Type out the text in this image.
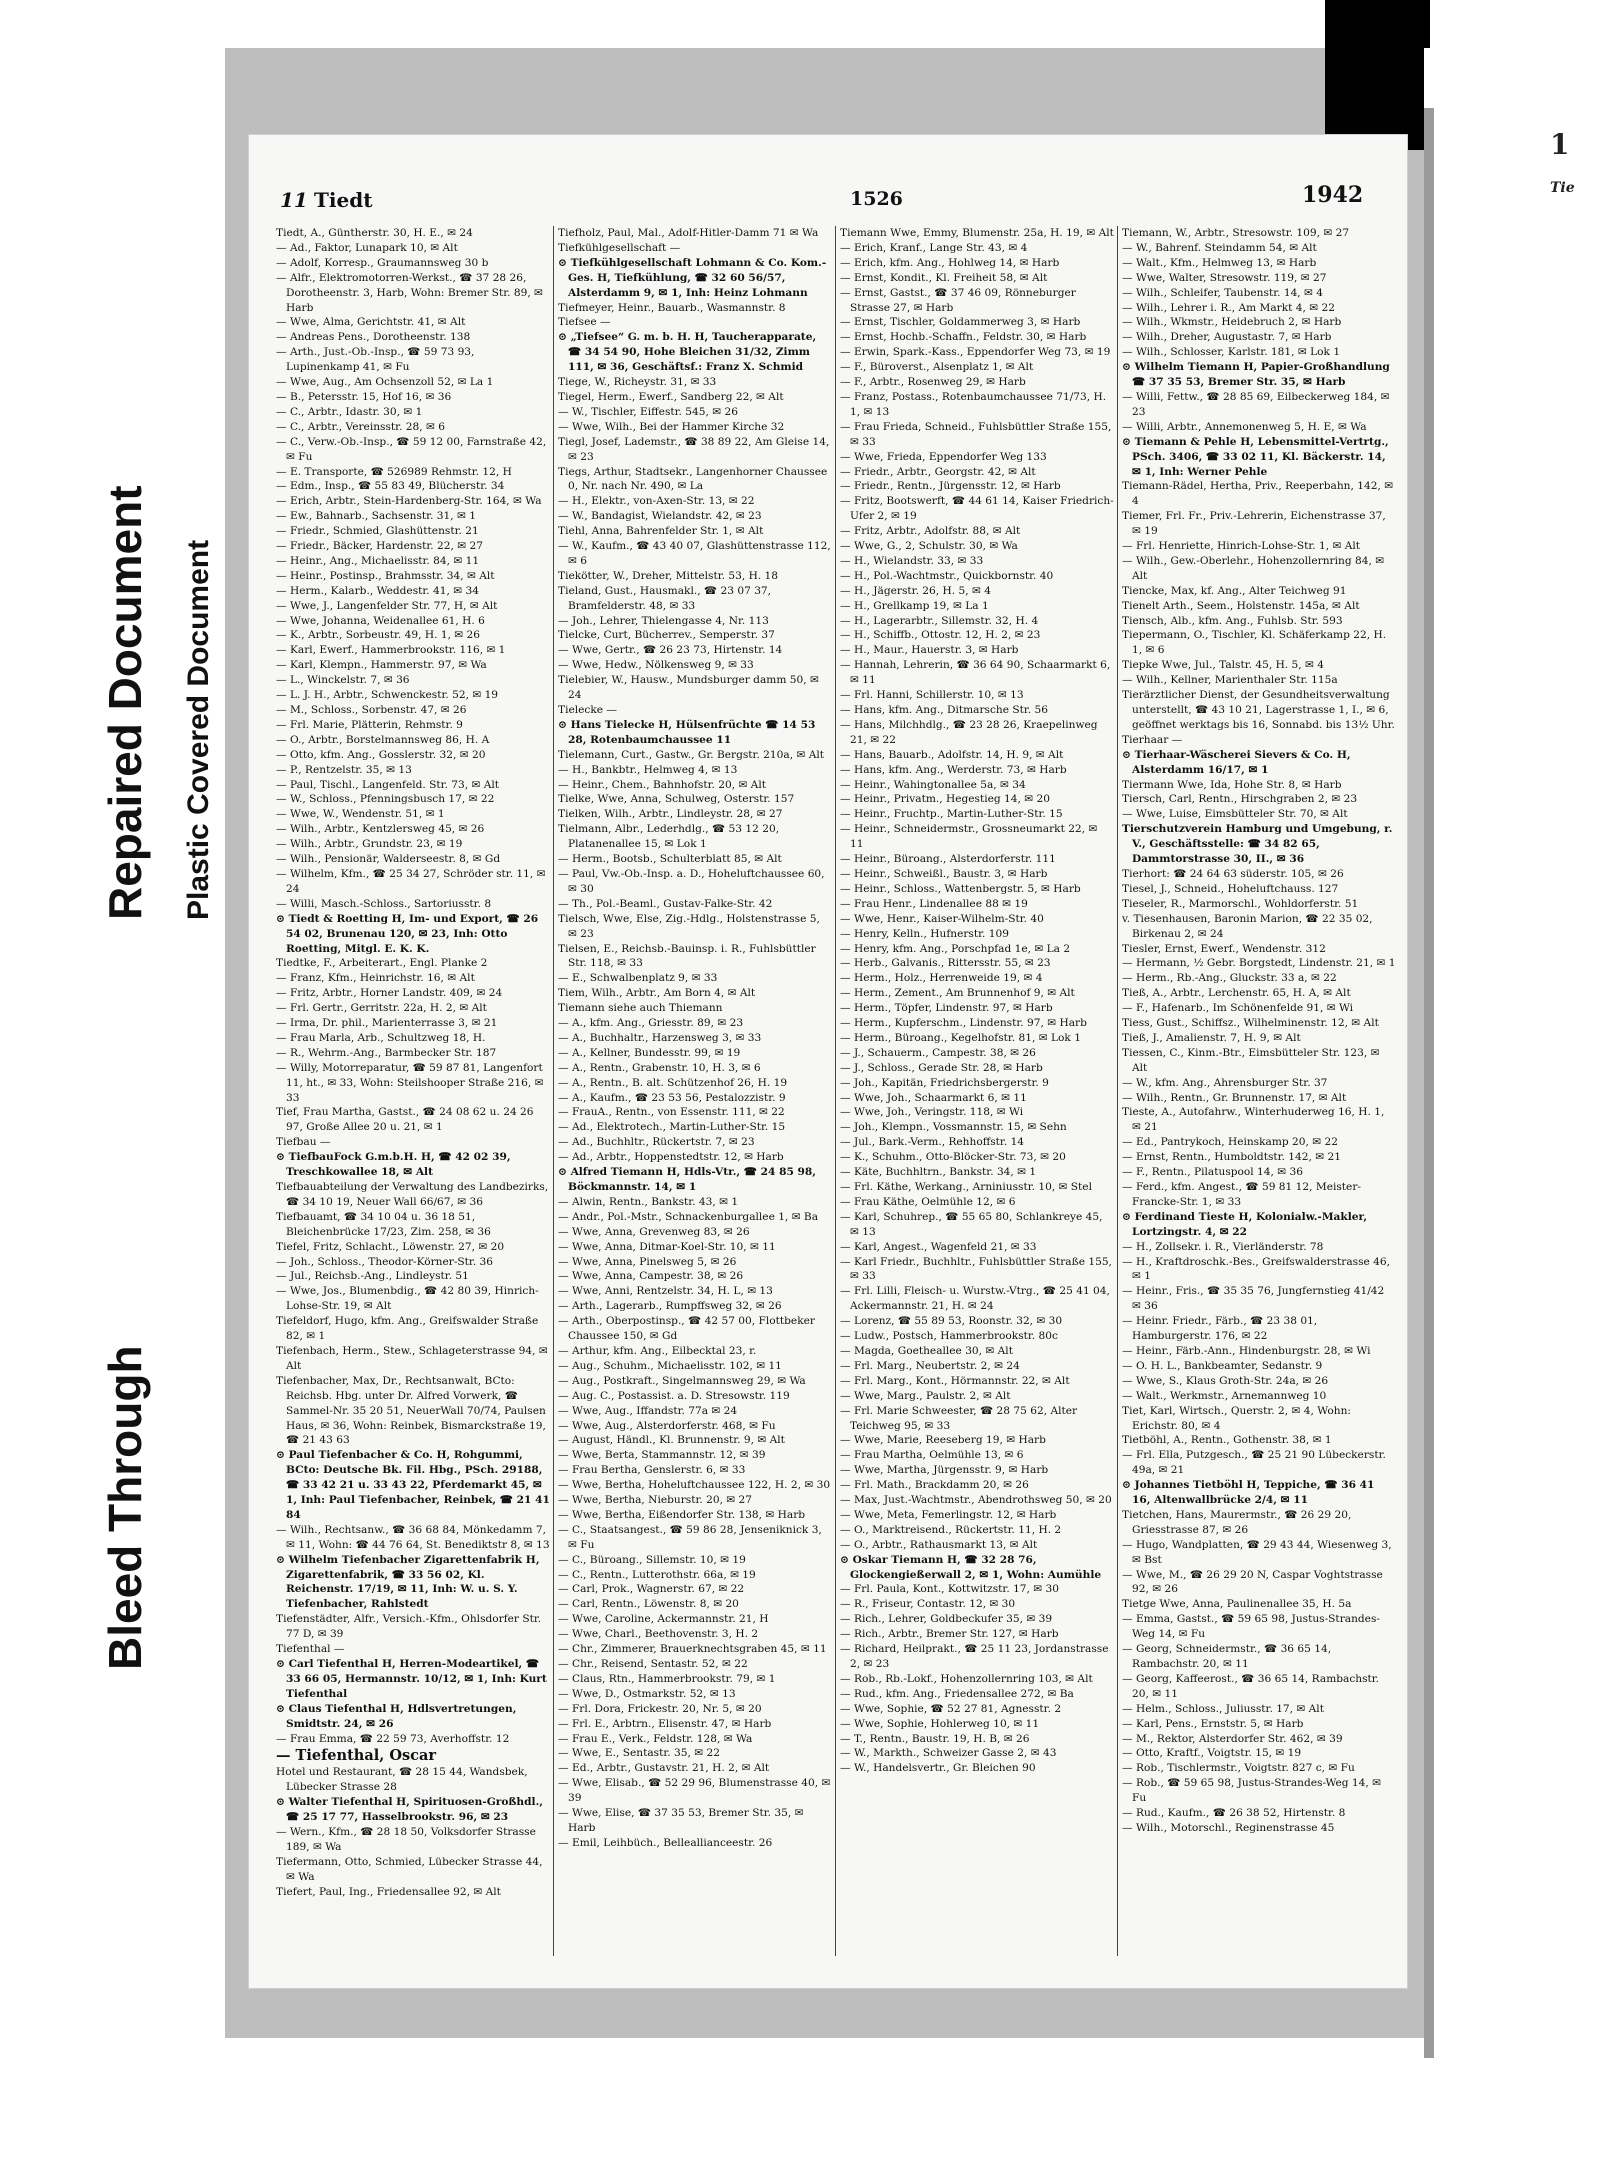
Bleed Through
Repaired Document Plastic Covered Document
1
Tie
11 Tiedt	1526	1942
Tiedt, A., Güntherstr. 30, H. E., ✉ 24
— Ad., Faktor, Lunapark 10, ✉ Alt
— Adolf, Korresp., Graumannsweg 30 b
— Alfr., Elektromotorren-Werkst., ☎ 37 28 26, Dorotheenstr. 3, Harb, Wohn: Bremer Str. 89, ✉ Harb
— Wwe, Alma, Gerichtstr. 41, ✉ Alt
— Andreas Pens., Dorotheenstr. 138
— Arth., Just.-Ob.-Insp., ☎ 59 73 93, Lupinenkamp 41, ✉ Fu
— Wwe, Aug., Am Ochsenzoll 52, ✉ La 1
— B., Petersstr. 15, Hof 16, ✉ 36
— C., Arbtr., Idastr. 30, ✉ 1
— C., Arbtr., Vereinsstr. 28, ✉ 6
— C., Verw.-Ob.-Insp., ☎ 59 12 00, Farnstraße 42, ✉ Fu
— E. Transporte, ☎ 526989 Rehmstr. 12, H
— Edm., Insp., ☎ 55 83 49, Blücherstr. 34
— Erich, Arbtr., Stein-Hardenberg-Str. 164, ✉ Wa
— Ew., Bahnarb., Sachsenstr. 31, ✉ 1
— Friedr., Schmied, Glashüttenstr. 21
— Friedr., Bäcker, Hardenstr. 22, ✉ 27
— Heinr., Ang., Michaelisstr. 84, ✉ 11
— Heinr., Postinsp., Brahmsstr. 34, ✉ Alt
— Herm., Kalarb., Weddestr. 41, ✉ 34
— Wwe, J., Langenfelder Str. 77, H, ✉ Alt
— Wwe, Johanna, Weidenallee 61, H. 6
— K., Arbtr., Sorbeustr. 49, H. 1, ✉ 26
— Karl, Ewerf., Hammerbrookstr. 116, ✉ 1
— Karl, Klempn., Hammerstr. 97, ✉ Wa
— L., Winckelstr. 7, ✉ 36
— L. J. H., Arbtr., Schwenckestr. 52, ✉ 19
— M., Schloss., Sorbenstr. 47, ✉ 26
— Frl. Marie, Plätterin, Rehmstr. 9
— O., Arbtr., Borstelmannsweg 86, H. A
— Otto, kfm. Ang., Gosslerstr. 32, ✉ 20
— P., Rentzelstr. 35, ✉ 13
— Paul, Tischl., Langenfeld. Str. 73, ✉ Alt
— W., Schloss., Pfenningsbusch 17, ✉ 22
— Wwe, W., Wendenstr. 51, ✉ 1
— Wilh., Arbtr., Kentzlersweg 45, ✉ 26
— Wilh., Arbtr., Grundstr. 23, ✉ 19
— Wilh., Pensionär, Walderseestr. 8, ✉ Gd
— Wilhelm, Kfm., ☎ 25 34 27, Schröder str. 11, ✉ 24
— Willi, Masch.-Schloss., Sartoriusstr. 8
⊙ Tiedt & Roetting H, Im- und Export, ☎ 26 54 02, Brunenau 120, ✉ 23, Inh: Otto Roetting, Mitgl. E. K. K.
Tiedtke, F., Arbeiterart., Engl. Planke 2
— Franz, Kfm., Heinrichstr. 16, ✉ Alt
— Fritz, Arbtr., Horner Landstr. 409, ✉ 24
— Frl. Gertr., Gerritstr. 22a, H. 2, ✉ Alt
— Irma, Dr. phil., Marienterrasse 3, ✉ 21
— Frau Marla, Arb., Schultzweg 18, H.
— R., Wehrm.-Ang., Barmbecker Str. 187
— Willy, Motorreparatur, ☎ 59 87 81, Langenfort 11, ht., ✉ 33, Wohn: Steilshooper Straße 216, ✉ 33
Tief, Frau Martha, Gastst., ☎ 24 08 62 u. 24 26 97, Große Allee 20 u. 21, ✉ 1
Tiefbau —
⊙ TiefbauFock G.m.b.H. H, ☎ 42 02 39, Treschkowallee 18, ✉ Alt
Tiefbauabteilung der Verwaltung des Landbezirks, ☎ 34 10 19, Neuer Wall 66/67, ✉ 36
Tiefbauamt, ☎ 34 10 04 u. 36 18 51, Bleichenbrücke 17/23, Zim. 258, ✉ 36
Tiefel, Fritz, Schlacht., Löwenstr. 27, ✉ 20
— Joh., Schloss., Theodor-Körner-Str. 36
— Jul., Reichsb.-Ang., Lindleystr. 51
— Wwe, Jos., Blumenbdig., ☎ 42 80 39, Hinrich-Lohse-Str. 19, ✉ Alt
Tiefeldorf, Hugo, kfm. Ang., Greifswalder Straße 82, ✉ 1
Tiefenbach, Herm., Stew., Schlageterstrasse 94, ✉ Alt
Tiefenbacher, Max, Dr., Rechtsanwalt, BCto: Reichsb. Hbg. unter Dr. Alfred Vorwerk, ☎ Sammel-Nr. 35 20 51, NeuerWall 70/74, Paulsen Haus, ✉ 36, Wohn: Reinbek, Bismarckstraße 19, ☎ 21 43 63
⊙ Paul Tiefenbacher & Co. H, Rohgummi, BCto: Deutsche Bk. Fil. Hbg., PSch. 29188, ☎ 33 42 21 u. 33 43 22, Pferdemarkt 45, ✉ 1, Inh: Paul Tiefenbacher, Reinbek, ☎ 21 41 84
— Wilh., Rechtsanw., ☎ 36 68 84, Mönkedamm 7, ✉ 11, Wohn: ☎ 44 76 64, St. Benediktstr 8, ✉ 13
⊙ Wilhelm Tiefenbacher Zigarettenfabrik H, Zigarettenfabrik, ☎ 33 56 02, Kl. Reichenstr. 17/19, ✉ 11, Inh: W. u. S. Y. Tiefenbacher, Rahlstedt
Tiefenstädter, Alfr., Versich.-Kfm., Ohlsdorfer Str. 77 D, ✉ 39
Tiefenthal —
⊙ Carl Tiefenthal H, Herren-Modeartikel, ☎ 33 66 05, Hermannstr. 10/12, ✉ 1, Inh: Kurt Tiefenthal
⊙ Claus Tiefenthal H, Hdlsvertretungen, Smidtstr. 24, ✉ 26
— Frau Emma, ☎ 22 59 73, Averhoffstr. 12
— Tiefenthal, Oscar
Hotel und Restaurant, ☎ 28 15 44, Wandsbek, Lübecker Strasse 28
⊙ Walter Tiefenthal H, Spirituosen-Großhdl., ☎ 25 17 77, Hasselbrookstr. 96, ✉ 23
— Wern., Kfm., ☎ 28 18 50, Volksdorfer Strasse 189, ✉ Wa
Tiefermann, Otto, Schmied, Lübecker Strasse 44, ✉ Wa
Tiefert, Paul, Ing., Friedensallee 92, ✉ Alt
Tiefholz, Paul, Mal., Adolf-Hitler-Damm 71 ✉ Wa
Tiefkühlgesellschaft —
⊙ Tiefkühlgesellschaft Lohmann & Co. Kom.-Ges. H, Tiefkühlung, ☎ 32 60 56/57, Alsterdamm 9, ✉ 1, Inh: Heinz Lohmann
Tiefmeyer, Heinr., Bauarb., Wasmannstr. 8
Tiefsee —
⊙ „Tiefsee“ G. m. b. H. H, Taucherapparate, ☎ 34 54 90, Hohe Bleichen 31/32, Zimm 111, ✉ 36, Geschäftsf.: Franz X. Schmid
Tiege, W., Richeystr. 31, ✉ 33
Tiegel, Herm., Ewerf., Sandberg 22, ✉ Alt
— W., Tischler, Eiffestr. 545, ✉ 26
— Wwe, Wilh., Bei der Hammer Kirche 32
Tiegl, Josef, Lademstr., ☎ 38 89 22, Am Gleise 14, ✉ 23
Tiegs, Arthur, Stadtsekr., Langenhorner Chaussee 0, Nr. nach Nr. 490, ✉ La
— H., Elektr., von-Axen-Str. 13, ✉ 22
— W., Bandagist, Wielandstr. 42, ✉ 23
Tiehl, Anna, Bahrenfelder Str. 1, ✉ Alt
— W., Kaufm., ☎ 43 40 07, Glashüttenstrasse 112, ✉ 6
Tiekötter, W., Dreher, Mittelstr. 53, H. 18
Tieland, Gust., Hausmakl., ☎ 23 07 37, Bramfelderstr. 48, ✉ 33
— Joh., Lehrer, Thielengasse 4, Nr. 113
Tielcke, Curt, Bücherrev., Semperstr. 37
— Wwe, Gertr., ☎ 26 23 73, Hirtenstr. 14
— Wwe, Hedw., Nölkensweg 9, ✉ 33
Tielebier, W., Hausw., Mundsburger damm 50, ✉ 24
Tielecke —
⊙ Hans Tielecke H, Hülsenfrüchte ☎ 14 53 28, Rotenbaumchaussee 11
Tielemann, Curt., Gastw., Gr. Bergstr. 210a, ✉ Alt
— H., Bankbtr., Helmweg 4, ✉ 13
— Heinr., Chem., Bahnhofstr. 20, ✉ Alt
Tielke, Wwe, Anna, Schulweg, Osterstr. 157
Tielken, Wilh., Arbtr., Lindleystr. 28, ✉ 27
Tielmann, Albr., Lederhdlg., ☎ 53 12 20, Platanenallee 15, ✉ Lok 1
— Herm., Bootsb., Schulterblatt 85, ✉ Alt
— Paul, Vw.-Ob.-Insp. a. D., Hoheluftchaussee 60, ✉ 30
— Th., Pol.-Beaml., Gustav-Falke-Str. 42
Tielsch, Wwe, Else, Zig.-Hdlg., Holstenstrasse 5, ✉ 23
Tielsen, E., Reichsb.-Bauinsp. i. R., Fuhlsbüttler Str. 118, ✉ 33
— E., Schwalbenplatz 9, ✉ 33
Tiem, Wilh., Arbtr., Am Born 4, ✉ Alt
Tiemann siehe auch Thiemann
— A., kfm. Ang., Griesstr. 89, ✉ 23
— A., Buchhaltr., Harzensweg 3, ✉ 33
— A., Kellner, Bundesstr. 99, ✉ 19
— A., Rentn., Grabenstr. 10, H. 3, ✉ 6
— A., Rentn., B. alt. Schützenhof 26, H. 19
— A., Kaufm., ☎ 23 53 56, Pestalozzistr. 9
— FrauA., Rentn., von Essenstr. 111, ✉ 22
— Ad., Elektrotech., Martin-Luther-Str. 15
— Ad., Buchhltr., Rückertstr. 7, ✉ 23
— Ad., Arbtr., Hoppenstedtstr. 12, ✉ Harb
⊙ Alfred Tiemann H, Hdls-Vtr., ☎ 24 85 98, Böckmannstr. 14, ✉ 1
— Alwin, Rentn., Bankstr. 43, ✉ 1
— Andr., Pol.-Mstr., Schnackenburgallee 1, ✉ Ba
— Wwe, Anna, Grevenweg 83, ✉ 26
— Wwe, Anna, Ditmar-Koel-Str. 10, ✉ 11
— Wwe, Anna, Pinelsweg 5, ✉ 26
— Wwe, Anna, Campestr. 38, ✉ 26
— Wwe, Anni, Rentzelstr. 34, H. L, ✉ 13
— Arth., Lagerarb., Rumpffsweg 32, ✉ 26
— Arth., Oberpostinsp., ☎ 42 57 00, Flottbeker Chaussee 150, ✉ Gd
— Arthur, kfm. Ang., Eilbecktal 23, r.
— Aug., Schuhm., Michaelisstr. 102, ✉ 11
— Aug., Postkraft., Singelmannsweg 29, ✉ Wa
— Aug. C., Postassist. a. D. Stresowstr. 119
— Wwe, Aug., Iffandstr. 77a ✉ 24
— Wwe, Aug., Alsterdorferstr. 468, ✉ Fu
— August, Händl., Kl. Brunnenstr. 9, ✉ Alt
— Wwe, Berta, Stammannstr. 12, ✉ 39
— Frau Bertha, Genslerstr. 6, ✉ 33
— Wwe, Bertha, Hoheluftchaussee 122, H. 2, ✉ 30
— Wwe, Bertha, Nieburstr. 20, ✉ 27
— Wwe, Bertha, Eißendorfer Str. 138, ✉ Harb
— C., Staatsangest., ☎ 59 86 28, Jenseniknick 3, ✉ Fu
— C., Büroang., Sillemstr. 10, ✉ 19
— C., Rentn., Lutterothstr. 66a, ✉ 19
— Carl, Prok., Wagnerstr. 67, ✉ 22
— Carl, Rentn., Löwenstr. 8, ✉ 20
— Wwe, Caroline, Ackermannstr. 21, H
— Wwe, Charl., Beethovenstr. 3, H. 2
— Chr., Zimmerer, Brauerknechtsgraben 45, ✉ 11
— Chr., Reisend, Sentastr. 52, ✉ 22
— Claus, Rtn., Hammerbrookstr. 79, ✉ 1
— Wwe, D., Ostmarkstr. 52, ✉ 13
— Frl. Dora, Frickestr. 20, Nr. 5, ✉ 20
— Frl. E., Arbtrn., Elisenstr. 47, ✉ Harb
— Frau E., Verk., Feldstr. 128, ✉ Wa
— Wwe, E., Sentastr. 35, ✉ 22
— Ed., Arbtr., Gustavstr. 21, H. 2, ✉ Alt
— Wwe, Elisab., ☎ 52 29 96, Blumenstrasse 40, ✉ 39
— Wwe, Elise, ☎ 37 35 53, Bremer Str. 35, ✉ Harb
— Emil, Leihbüch., Belleallianceestr. 26
Tiemann Wwe, Emmy, Blumenstr. 25a, H. 19, ✉ Alt
— Erich, Kranf., Lange Str. 43, ✉ 4
— Erich, kfm. Ang., Hohlweg 14, ✉ Harb
— Ernst, Kondit., Kl. Freiheit 58, ✉ Alt
— Ernst, Gastst., ☎ 37 46 09, Rönneburger Strasse 27, ✉ Harb
— Ernst, Tischler, Goldammerweg 3, ✉ Harb
— Ernst, Hochb.-Schaffn., Feldstr. 30, ✉ Harb
— Erwin, Spark.-Kass., Eppendorfer Weg 73, ✉ 19
— F., Büroverst., Alsenplatz 1, ✉ Alt
— F., Arbtr., Rosenweg 29, ✉ Harb
— Franz, Postass., Rotenbaumchaussee 71/73, H. 1, ✉ 13
— Frau Frieda, Schneid., Fuhlsbüttler Straße 155, ✉ 33
— Wwe, Frieda, Eppendorfer Weg 133
— Friedr., Arbtr., Georgstr. 42, ✉ Alt
— Friedr., Rentn., Jürgensstr. 12, ✉ Harb
— Fritz, Bootswerft, ☎ 44 61 14, Kaiser Friedrich-Ufer 2, ✉ 19
— Fritz, Arbtr., Adolfstr. 88, ✉ Alt
— Wwe, G., 2, Schulstr. 30, ✉ Wa
— H., Wielandstr. 33, ✉ 33
— H., Pol.-Wachtmstr., Quickbornstr. 40
— H., Jägerstr. 26, H. 5, ✉ 4
— H., Grellkamp 19, ✉ La 1
— H., Lagerarbtr., Sillemstr. 32, H. 4
— H., Schiffb., Ottostr. 12, H. 2, ✉ 23
— H., Maur., Hauerstr. 3, ✉ Harb
— Hannah, Lehrerin, ☎ 36 64 90, Schaarmarkt 6, ✉ 11
— Frl. Hanni, Schillerstr. 10, ✉ 13
— Hans, kfm. Ang., Ditmarsche Str. 56
— Hans, Milchhdlg., ☎ 23 28 26, Kraepelinweg 21, ✉ 22
— Hans, Bauarb., Adolfstr. 14, H. 9, ✉ Alt
— Hans, kfm. Ang., Werderstr. 73, ✉ Harb
— Heinr., Wahingtonallee 5a, ✉ 34
— Heinr., Privatm., Hegestieg 14, ✉ 20
— Heinr., Fruchtp., Martin-Luther-Str. 15
— Heinr., Schneidermstr., Grossneumarkt 22, ✉ 11
— Heinr., Büroang., Alsterdorferstr. 111
— Heinr., Schweißl., Baustr. 3, ✉ Harb
— Heinr., Schloss., Wattenbergstr. 5, ✉ Harb
— Frau Henr., Lindenallee 88 ✉ 19
— Wwe, Henr., Kaiser-Wilhelm-Str. 40
— Henry, Kelln., Hufnerstr. 109
— Henry, kfm. Ang., Porschpfad 1e, ✉ La 2
— Herb., Galvanis., Rittersstr. 55, ✉ 23
— Herm., Holz., Herrenweide 19, ✉ 4
— Herm., Zement., Am Brunnenhof 9, ✉ Alt
— Herm., Töpfer, Lindenstr. 97, ✉ Harb
— Herm., Kupferschm., Lindenstr. 97, ✉ Harb
— Herm., Büroang., Kegelhofstr. 81, ✉ Lok 1
— J., Schauerm., Campestr. 38, ✉ 26
— J., Schloss., Gerade Str. 28, ✉ Harb
— Joh., Kapitän, Friedrichsbergerstr. 9
— Wwe, Joh., Schaarmarkt 6, ✉ 11
— Wwe, Joh., Veringstr. 118, ✉ Wi
— Joh., Klempn., Vossmannstr. 15, ✉ Sehn
— Jul., Bark.-Verm., Rehhoffstr. 14
— K., Schuhm., Otto-Blöcker-Str. 73, ✉ 20
— Käte, Buchhltrn., Bankstr. 34, ✉ 1
— Frl. Käthe, Werkang., Arniniusstr. 10, ✉ Stel
— Frau Käthe, Oelmühle 12, ✉ 6
— Karl, Schuhrep., ☎ 55 65 80, Schlankreye 45, ✉ 13
— Karl, Angest., Wagenfeld 21, ✉ 33
— Karl Friedr., Buchhltr., Fuhlsbüttler Straße 155, ✉ 33
— Frl. Lilli, Fleisch- u. Wurstw.-Vtrg., ☎ 25 41 04, Ackermannstr. 21, H. ✉ 24
— Lorenz, ☎ 55 89 53, Roonstr. 32, ✉ 30
— Ludw., Postsch, Hammerbrookstr. 80c
— Magda, Goetheallee 30, ✉ Alt
— Frl. Marg., Neubertstr. 2, ✉ 24
— Frl. Marg., Kont., Hörmannstr. 22, ✉ Alt
— Wwe, Marg., Paulstr. 2, ✉ Alt
— Frl. Marie Schweester, ☎ 28 75 62, Alter Teichweg 95, ✉ 33
— Wwe, Marie, Reeseberg 19, ✉ Harb
— Frau Martha, Oelmühle 13, ✉ 6
— Wwe, Martha, Jürgensstr. 9, ✉ Harb
— Frl. Math., Brackdamm 20, ✉ 26
— Max, Just.-Wachtmstr., Abendrothsweg 50, ✉ 20
— Wwe, Meta, Femerlingstr. 12, ✉ Harb
— O., Marktreisend., Rückertstr. 11, H. 2
— O., Arbtr., Rathausmarkt 13, ✉ Alt
⊙ Oskar Tiemann H, ☎ 32 28 76, Glockengießerwall 2, ✉ 1, Wohn: Aumühle
— Frl. Paula, Kont., Kottwitzstr. 17, ✉ 30
— R., Friseur, Contastr. 12, ✉ 30
— Rich., Lehrer, Goldbeckufer 35, ✉ 39
— Rich., Arbtr., Bremer Str. 127, ✉ Harb
— Richard, Heilprakt., ☎ 25 11 23, Jordanstrasse 2, ✉ 23
— Rob., Rb.-Lokf., Hohenzollernring 103, ✉ Alt
— Rud., kfm. Ang., Friedensallee 272, ✉ Ba
— Wwe, Sophie, ☎ 52 27 81, Agnesstr. 2
— Wwe, Sophie, Hohlerweg 10, ✉ 11
— T., Rentn., Baustr. 19, H. B, ✉ 26
— W., Markth., Schweizer Gasse 2, ✉ 43
— W., Handelsvertr., Gr. Bleichen 90
Tiemann, W., Arbtr., Stresowstr. 109, ✉ 27
— W., Bahrenf. Steindamm 54, ✉ Alt
— Walt., Kfm., Helmweg 13, ✉ Harb
— Wwe, Walter, Stresowstr. 119, ✉ 27
— Wilh., Schleifer, Taubenstr. 14, ✉ 4
— Wilh., Lehrer i. R., Am Markt 4, ✉ 22
— Wilh., Wkmstr., Heidebruch 2, ✉ Harb
— Wilh., Dreher, Augustastr. 7, ✉ Harb
— Wilh., Schlosser, Karlstr. 181, ✉ Lok 1
⊙ Wilhelm Tiemann H, Papier-Großhandlung ☎ 37 35 53, Bremer Str. 35, ✉ Harb
— Willi, Fettw., ☎ 28 85 69, Eilbeckerweg 184, ✉ 23
— Willi, Arbtr., Annemonenweg 5, H. E, ✉ Wa
⊙ Tiemann & Pehle H, Lebensmittel-Vertrtg., PSch. 3406, ☎ 33 02 11, Kl. Bäckerstr. 14, ✉ 1, Inh: Werner Pehle
Tiemann-Rädel, Hertha, Priv., Reeperbahn, 142, ✉ 4
Tiemer, Frl. Fr., Priv.-Lehrerin, Eichenstrasse 37, ✉ 19
— Frl. Henriette, Hinrich-Lohse-Str. 1, ✉ Alt
— Wilh., Gew.-Oberlehr., Hohenzollernring 84, ✉ Alt
Tiencke, Max, kf. Ang., Alter Teichweg 91
Tienelt Arth., Seem., Holstenstr. 145a, ✉ Alt
Tiensch, Alb., kfm. Ang., Fuhlsb. Str. 593
Tiepermann, O., Tischler, Kl. Schäferkamp 22, H. 1, ✉ 6
Tiepke Wwe, Jul., Talstr. 45, H. 5, ✉ 4
— Wilh., Kellner, Marienthaler Str. 115a
Tierärztlicher Dienst, der Gesundheitsverwaltung unterstellt, ☎ 43 10 21, Lagerstrasse 1, I., ✉ 6, geöffnet werktags bis 16, Sonnabd. bis 13½ Uhr.
Tierhaar —
⊙ Tierhaar-Wäscherei Sievers & Co. H, Alsterdamm 16/17, ✉ 1
Tiermann Wwe, Ida, Hohe Str. 8, ✉ Harb
Tiersch, Carl, Rentn., Hirschgraben 2, ✉ 23
— Wwe, Luise, Eimsbütteler Str. 70, ✉ Alt
Tierschutzverein Hamburg und Umgebung, r. V., Geschäftsstelle: ☎ 34 82 65, Dammtorstrasse 30, II., ✉ 36
Tierhort: ☎ 24 64 63 süderstr. 105, ✉ 26
Tiesel, J., Schneid., Hoheluftchauss. 127
Tieseler, R., Marmorschl., Wohldorferstr. 51
v. Tiesenhausen, Baronin Marion, ☎ 22 35 02, Birkenau 2, ✉ 24
Tiesler, Ernst, Ewerf., Wendenstr. 312
— Hermann, ½ Gebr. Borgstedt, Lindenstr. 21, ✉ 1
— Herm., Rb.-Ang., Gluckstr. 33 a, ✉ 22
Tieß, A., Arbtr., Lerchenstr. 65, H. A, ✉ Alt
— F., Hafenarb., Im Schönenfelde 91, ✉ Wi
Tiess, Gust., Schiffsz., Wilhelminenstr. 12, ✉ Alt
Tieß, J., Amalienstr. 7, H. 9, ✉ Alt
Tiessen, C., Kinm.-Btr., Eimsbütteler Str. 123, ✉ Alt
— W., kfm. Ang., Ahrensburger Str. 37
— Wilh., Rentn., Gr. Brunnenstr. 17, ✉ Alt
Tieste, A., Autofahrw., Winterhuderweg 16, H. 1, ✉ 21
— Ed., Pantrykoch, Heinskamp 20, ✉ 22
— Ernst, Rentn., Humboldtstr. 142, ✉ 21
— F., Rentn., Pilatuspool 14, ✉ 36
— Ferd., kfm. Angest., ☎ 59 81 12, Meister-Francke-Str. 1, ✉ 33
⊙ Ferdinand Tieste H, Kolonialw.-Makler, Lortzingstr. 4, ✉ 22
— H., Zollsekr. i. R., Vierländerstr. 78
— H., Kraftdroschk.-Bes., Greifswalderstrasse 46, ✉ 1
— Heinr., Fris., ☎ 35 35 76, Jungfernstieg 41/42 ✉ 36
— Heinr. Friedr., Färb., ☎ 23 38 01, Hamburgerstr. 176, ✉ 22
— Heinr., Färb.-Ann., Hindenburgstr. 28, ✉ Wi
— O. H. L., Bankbeamter, Sedanstr. 9
— Wwe, S., Klaus Groth-Str. 24a, ✉ 26
— Walt., Werkmstr., Arnemannweg 10
Tiet, Karl, Wirtsch., Querstr. 2, ✉ 4, Wohn: Erichstr. 80, ✉ 4
Tietböhl, A., Rentn., Gothenstr. 38, ✉ 1
— Frl. Ella, Putzgesch., ☎ 25 21 90 Lübeckerstr. 49a, ✉ 21
⊙ Johannes Tietböhl H, Teppiche, ☎ 36 41 16, Altenwallbrücke 2/4, ✉ 11
Tietchen, Hans, Maurermstr., ☎ 26 29 20, Griesstrasse 87, ✉ 26
— Hugo, Wandplatten, ☎ 29 43 44, Wiesenweg 3, ✉ Bst
— Wwe, M., ☎ 26 29 20 N, Caspar Voghtstrasse 92, ✉ 26
Tietge Wwe, Anna, Paulinenallee 35, H. 5a
— Emma, Gastst., ☎ 59 65 98, Justus-Strandes-Weg 14, ✉ Fu
— Georg, Schneidermstr., ☎ 36 65 14, Rambachstr. 20, ✉ 11
— Georg, Kaffeerost., ☎ 36 65 14, Rambachstr. 20, ✉ 11
— Helm., Schloss., Juliusstr. 17, ✉ Alt
— Karl, Pens., Ernststr. 5, ✉ Harb
— M., Rektor, Alsterdorfer Str. 462, ✉ 39
— Otto, Kraftf., Voigtstr. 15, ✉ 19
— Rob., Tischlermstr., Voigtstr. 827 c, ✉ Fu
— Rob., ☎ 59 65 98, Justus-Strandes-Weg 14, ✉ Fu
— Rud., Kaufm., ☎ 26 38 52, Hirtenstr. 8
— Wilh., Motorschl., Reginenstrasse 45
